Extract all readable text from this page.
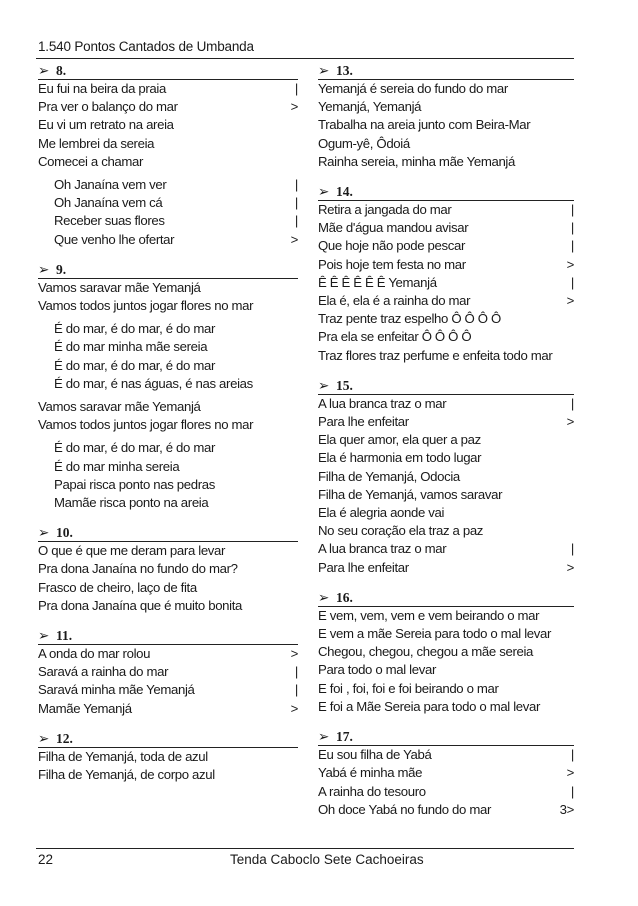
1.540 Pontos Cantados de Umbanda
➢ 8.
Eu fui na beira da praia	|
Pra ver o balanço do mar	>
Eu vi um retrato na areia
Me lembrei da sereia
Comecei a chamar
Oh Janaína vem ver	|
Oh Janaína vem cá	|
Receber suas flores	|
Que venho lhe ofertar	>
➢ 9.
Vamos saravar mãe Yemanjá
Vamos todos juntos jogar flores no mar
É do mar, é do mar, é do mar
É do mar minha mãe sereia
É do mar, é do mar, é do mar
É do mar, é nas águas, é nas areias
Vamos saravar mãe Yemanjá
Vamos todos juntos jogar flores no mar
É do mar, é do mar, é do mar
É do mar minha sereia
Papai risca ponto nas pedras
Mamãe risca ponto na areia
➢ 10.
O que é que me deram para levar
Pra dona Janaína no fundo do mar?
Frasco de cheiro, laço de fita
Pra dona Janaína que é muito bonita
➢ 11.
A onda do mar rolou	>
Saravá a rainha do mar	|
Saravá minha mãe Yemanjá	|
Mamãe Yemanjá	>
➢ 12.
Filha de Yemanjá, toda de azul
Filha de Yemanjá, de corpo azul
➢ 13.
Yemanjá é sereia do fundo do mar
Yemanjá, Yemanjá
Trabalha na areia junto com Beira-Mar
Ogum-yê, Ôdoiá
Rainha sereia, minha mãe Yemanjá
➢ 14.
Retira a jangada do mar	|
Mãe d'água mandou avisar	|
Que hoje não pode pescar	|
Pois hoje tem festa no mar	>
Ê Ê Ê Ê Ê Ê Yemanjá	|
Ela é, ela é a rainha do mar	>
Traz pente traz espelho Ô Ô Ô Ô
Pra ela se enfeitar Ô Ô Ô Ô
Traz flores traz perfume e enfeita todo mar
➢ 15.
A lua branca traz o mar	|
Para lhe enfeitar	>
Ela quer amor, ela quer a paz
Ela é harmonia em todo lugar
Filha de Yemanjá, Odocia
Filha de Yemanjá, vamos saravar
Ela é alegria aonde vai
No seu coração ela traz a paz
A lua branca traz o mar	|
Para lhe enfeitar	>
➢ 16.
E vem, vem, vem e vem beirando o mar
E vem a mãe Sereia para todo o mal levar
Chegou, chegou, chegou a mãe sereia
Para todo o mal levar
E foi , foi, foi e foi beirando o mar
E foi a Mãe Sereia para todo o mal levar
➢ 17.
Eu sou filha de Yabá	|
Yabá é minha mãe	>
A rainha do tesouro	|
Oh doce Yabá no fundo do mar	3>
22	Tenda Caboclo Sete Cachoeiras
